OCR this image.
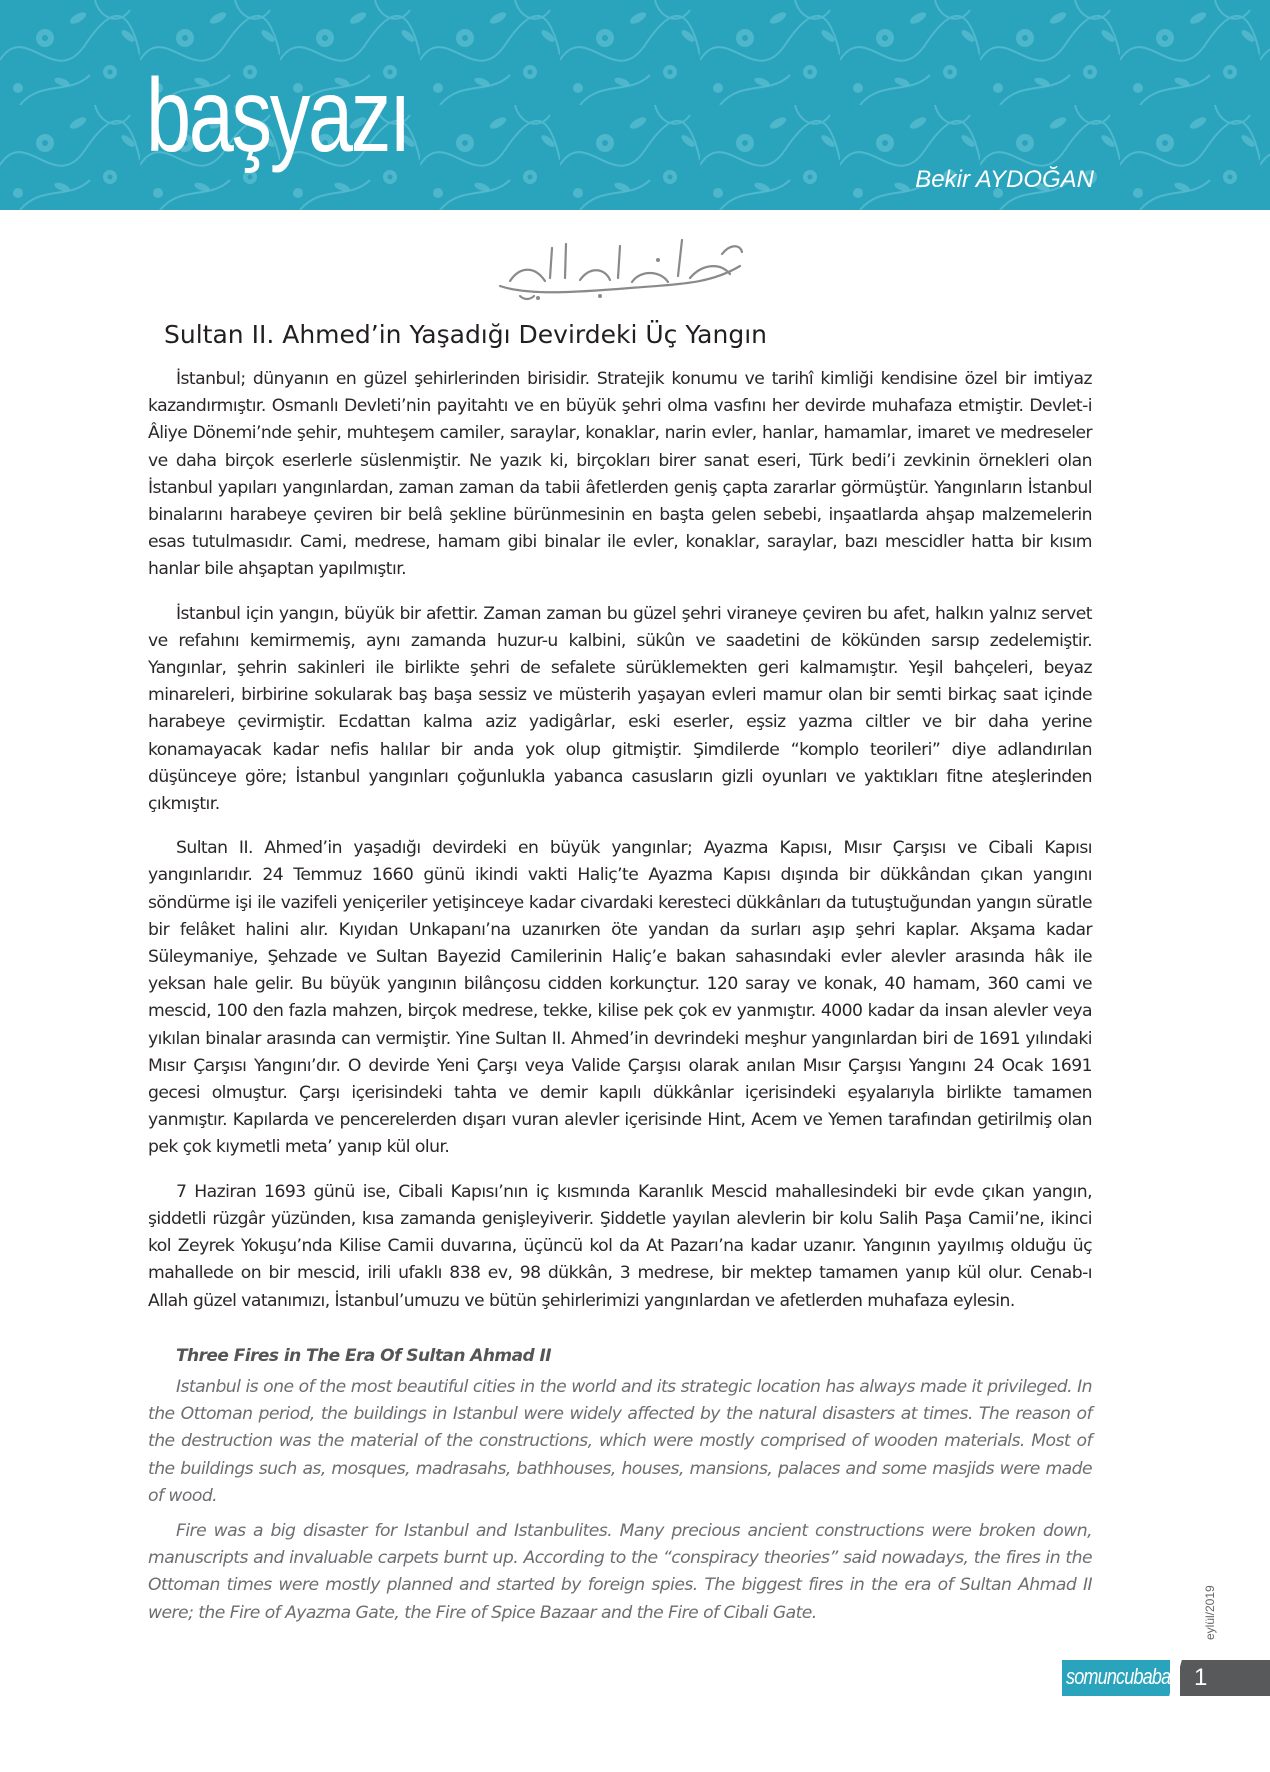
başyazı
Bekir AYDOĞAN
Sultan II. Ahmed’in Yaşadığı Devirdeki Üç Yangın

İstanbul; dünyanın en güzel şehirlerinden birisidir. Stratejik konumu ve tarihî kimliği kendisine özel bir imtiyaz kazandırmıştır. Osmanlı Devleti’nin payitahtı ve en büyük şehri olma vasfını her devirde muhafaza etmiştir. Devlet-i Âliye Dönemi’nde şehir, muhteşem camiler, saraylar, konaklar, narin evler, hanlar, hamamlar, imaret ve medreseler ve daha birçok eserlerle süslenmiştir. Ne yazık ki, birçokları birer sanat eseri, Türk bedi’i zevkinin örnekleri olan İstanbul yapıları yangınlardan, zaman zaman da tabii âfetlerden geniş çapta zararlar görmüştür. Yangınların İstanbul binalarını harabeye çeviren bir belâ şekline bürünmesinin en başta gelen sebebi, inşaatlarda ahşap malzemelerin esas tutulmasıdır. Cami, medrese, hamam gibi binalar ile evler, konaklar, saraylar, bazı mescidler hatta bir kısım hanlar bile ahşaptan yapılmıştır.

İstanbul için yangın, büyük bir afettir. Zaman zaman bu güzel şehri viraneye çeviren bu afet, halkın yalnız servet ve refahını kemirmemiş, aynı zamanda huzur-u kalbini, sükûn ve saadetini de kökünden sarsıp zedelemiştir. Yangınlar, şehrin sakinleri ile birlikte şehri de sefalete sürüklemekten geri kalmamıştır. Yeşil bahçeleri, beyaz minareleri, birbirine sokularak baş başa sessiz ve müsterih yaşayan evleri mamur olan bir semti birkaç saat içinde harabeye çevirmiştir. Ecdattan kalma aziz yadigârlar, eski eserler, eşsiz yazma ciltler ve bir daha yerine konamayacak kadar nefis halılar bir anda yok olup gitmiştir. Şimdilerde “komplo teorileri” diye adlandırılan düşünceye göre; İstanbul yangınları çoğunlukla yabanca casusların gizli oyunları ve yaktıkları fitne ateşlerinden çıkmıştır.

Sultan II. Ahmed’in yaşadığı devirdeki en büyük yangınlar; Ayazma Kapısı, Mısır Çarşısı ve Cibali Kapısı yangınlarıdır. 24 Temmuz 1660 günü ikindi vakti Haliç’te Ayazma Kapısı dışında bir dükkândan çıkan yangını söndürme işi ile vazifeli yeniçeriler yetişinceye kadar civardaki keresteci dükkânları da tutuştuğundan yangın süratle bir felâket halini alır. Kıyıdan Unkapanı’na uzanırken öte yandan da surları aşıp şehri kaplar. Akşama kadar Süleymaniye, Şehzade ve Sultan Bayezid Camilerinin Haliç’e bakan sahasındaki evler alevler arasında hâk ile yeksan hale gelir. Bu büyük yangının bilânçosu cidden korkunçtur. 120 saray ve konak, 40 hamam, 360 cami ve mescid, 100 den fazla mahzen, birçok medrese, tekke, kilise pek çok ev yanmıştır. 4000 kadar da insan alevler veya yıkılan binalar arasında can vermiştir. Yine Sultan II. Ahmed’in devrindeki meşhur yangınlardan biri de 1691 yılındaki Mısır Çarşısı Yangını’dır. O devirde Yeni Çarşı veya Valide Çarşısı olarak anılan Mısır Çarşısı Yangını 24 Ocak 1691 gecesi olmuştur. Çarşı içerisindeki tahta ve demir kapılı dükkânlar içerisindeki eşyalarıyla birlikte tamamen yanmıştır. Kapılarda ve pencerelerden dışarı vuran alevler içerisinde Hint, Acem ve Yemen tarafından getirilmiş olan pek çok kıymetli meta’ yanıp kül olur.

7 Haziran 1693 günü ise, Cibali Kapısı’nın iç kısmında Karanlık Mescid mahallesindeki bir evde çıkan yangın, şiddetli rüzgâr yüzünden, kısa zamanda genişleyiverir. Şiddetle yayılan alevlerin bir kolu Salih Paşa Camii’ne, ikinci kol Zeyrek Yokuşu’nda Kilise Camii duvarına, üçüncü kol da At Pazarı’na kadar uzanır. Yangının yayılmış olduğu üç mahallede on bir mescid, irili ufaklı 838 ev, 98 dükkân, 3 medrese, bir mektep tamamen yanıp kül olur. Cenab-ı Allah güzel vatanımızı, İstanbul’umuzu ve bütün şehirlerimizi yangınlardan ve afetlerden muhafaza eylesin.

Three Fires in The Era Of Sultan Ahmad II

Istanbul is one of the most beautiful cities in the world and its strategic location has always made it privileged. In the Ottoman period, the buildings in Istanbul were widely affected by the natural disasters at times. The reason of the destruction was the material of the constructions, which were mostly comprised of wooden materials. Most of the buildings such as, mosques, madrasahs, bathhouses, houses, mansions, palaces and some masjids were made of wood.

Fire was a big disaster for Istanbul and Istanbulites. Many precious ancient constructions were broken down, manuscripts and invaluable carpets burnt up. According to the “conspiracy theories” said nowadays, the fires in the Ottoman times were mostly planned and started by foreign spies. The biggest fires in the era of Sultan Ahmad II were; the Fire of Ayazma Gate, the Fire of Spice Bazaar and the Fire of Cibali Gate.	eylül/2019
somuncubaba 1
